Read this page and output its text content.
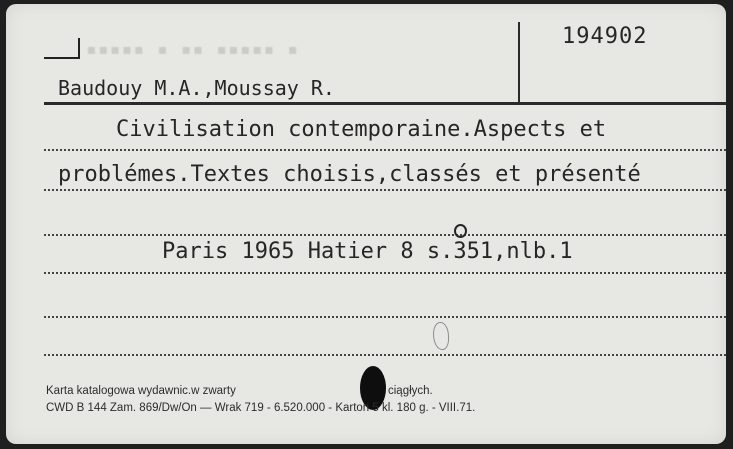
▪▪▪▪▪ ▪ ▪▪ ▪▪▪▪▪ ▪
194902
Baudouy M.A.,Moussay R.
Civilisation contemporaine.Aspects et
problémes.Textes choisis,classés et présenté
Paris 1965 Hatier 8 s.351,nlb.1
Karta katalogowa wydawnic.w zwarty	ciągłych.
CWD B 144 Zam. 869/Dw/On — Wrak 719 - 6.520.000 - Karton 5 kl. 180 g. - VIII.71.
